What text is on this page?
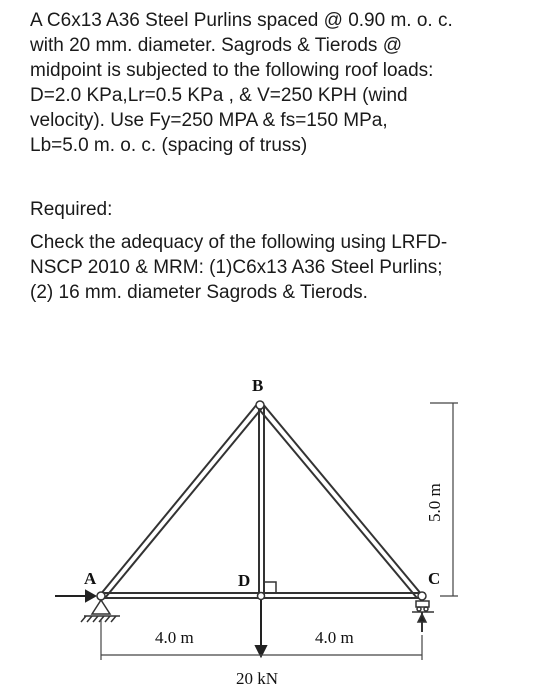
A C6x13 A36 Steel Purlins spaced @ 0.90 m. o. c.
with 20 mm. diameter. Sagrods & Tierods @
midpoint is subjected to the following roof loads:
D=2.0 KPa,Lr=0.5 KPa , & V=250 KPH (wind
velocity). Use Fy=250 MPA & fs=150 MPa,
Lb=5.0 m. o. c. (spacing of truss)
Required:
Check the adequacy of the following using LRFD-
NSCP 2010 & MRM: (1)C6x13 A36 Steel Purlins;
(2) 16 mm. diameter Sagrods & Tierods.
B
A	D	C
4.0 m	4.0 m
20 kN
5.0 m
